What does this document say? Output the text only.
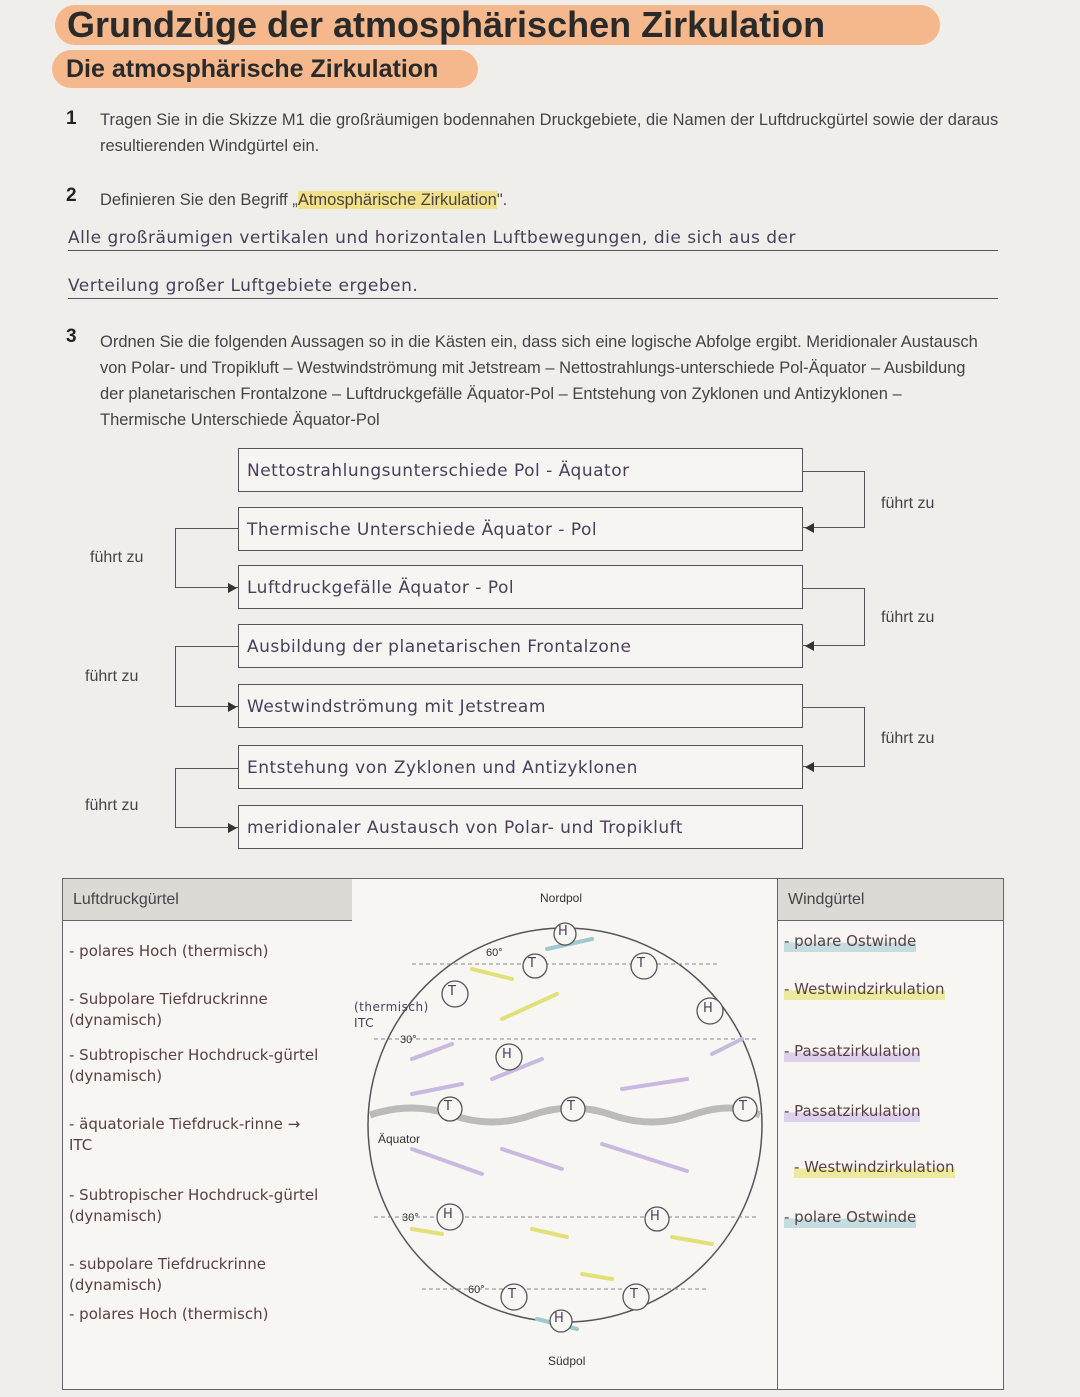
Grundzüge der atmosphärischen Zirkulation
Die atmosphärische Zirkulation
1 Tragen Sie in die Skizze M1 die großräumigen bodennahen Druckgebiete, die Namen der Luftdruckgürtel sowie der daraus resultierenden Windgürtel ein.
2 Definieren Sie den Begriff „Atmosphärische Zirkulation".
Alle großräumigen vertikalen und horizontalen Luftbewegungen, die sich aus der
Verteilung großer Luftgebiete ergeben.
3 Ordnen Sie die folgenden Aussagen so in die Kästen ein, dass sich eine logische Abfolge ergibt. Meridionaler Austausch von Polar- und Tropikluft – Westwindströmung mit Jetstream – Nettostrahlungs-unterschiede Pol-Äquator – Ausbildung der planetarischen Frontalzone – Luftdruckgefälle Äquator-Pol – Entstehung von Zyklonen und Antizyklonen – Thermische Unterschiede Äquator-Pol
Nettostrahlungsunterschiede Pol - Äquator
Thermische Unterschiede Äquator - Pol
Luftdruckgefälle Äquator - Pol
Ausbildung der planetarischen Frontalzone
Westwindströmung mit Jetstream
Entstehung von Zyklonen und Antizyklonen
meridionaler Austausch von Polar- und Tropikluft
führt zu
führt zu
führt zu
führt zu
führt zu
führt zu
Luftdruckgürtel
- polares Hoch (thermisch)
- Subpolare Tiefdruckrinne (dynamisch)
- Subtropischer Hochdruck-gürtel (dynamisch)
- äquatoriale Tiefdruck-rinne → ITC
- Subtropischer Hochdruck-gürtel (dynamisch)
- subpolare Tiefdruckrinne (dynamisch)
- polares Hoch (thermisch)
Nordpol
Südpol
Äquator
60°
30°
30°
60°
(thermisch) ITC
H
T	T
T
H
H
T	T	T
H	H
T	T
H
Windgürtel
- polare Ostwinde
- Westwindzirkulation
- Passatzirkulation
- Passatzirkulation
- Westwindzirkulation
- polare Ostwinde
